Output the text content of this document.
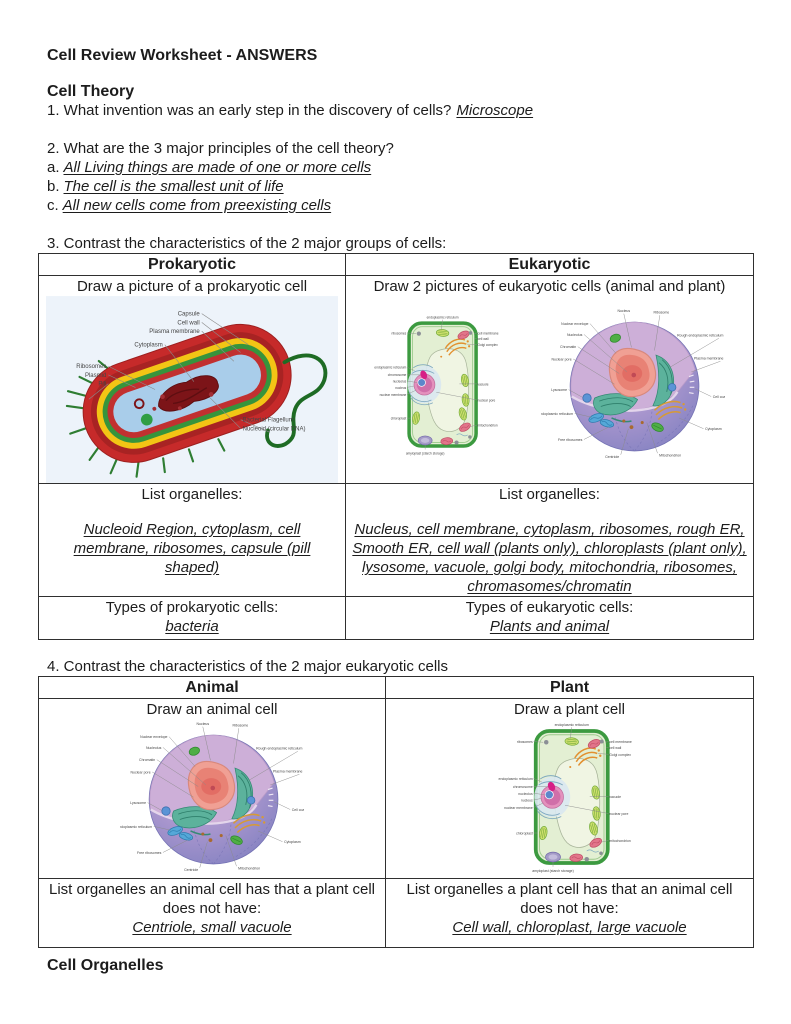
Cell Review Worksheet - ANSWERS
Cell Theory

1. What invention was an early step in the discovery of cells? Microscope

2. What are the 3 major principles of the cell theory?

a. All Living things are made of one or more cells

b. The cell is the smallest unit of life

c. All new cells come from preexisting cells

3. Contrast the characteristics of the 2 major groups of cells:

Prokaryotic	Eukaryotic

Draw a picture of a prokaryotic cell	Draw 2 pictures of eukaryotic cells (animal and plant)

List organelles:
Nucleoid Region, cytoplasm, cell membrane, ribosomes, capsule (pill shaped)

List organelles:
Nucleus, cell membrane, cytoplasm, ribosomes, rough ER, Smooth ER, cell wall (plants only), chloroplasts (plant only), lysosome, vacuole, golgi body, mitochondria, ribosomes, chromasomes/chromatin

Types of prokaryotic cells:
bacteria

Types of eukaryotic cells:
Plants and animal

4. Contrast the characteristics of the 2 major eukaryotic cells

Animal	Plant

Draw an animal cell	Draw a plant cell

List organelles an animal cell has that a plant cell does not have:
Centriole, small vacuole

List organelles a plant cell has that an animal cell does not have:
Cell wall, chloroplast, large vacuole
Cell Organelles
